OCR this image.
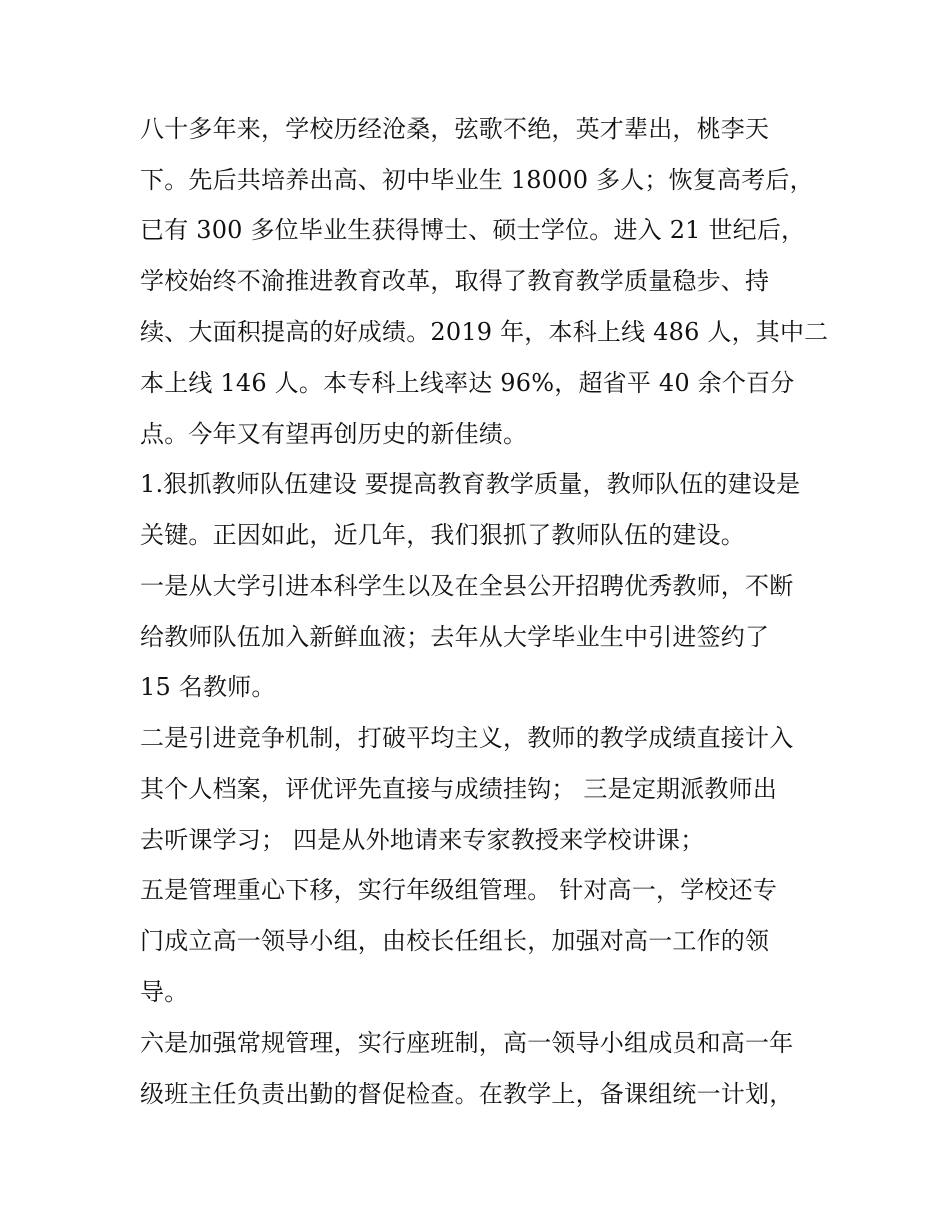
八十多年来，学校历经沧桑，弦歌不绝，英才辈出，桃李天

下。先后共培养出高、初中毕业生 18000 多人；恢复高考后，

已有 300 多位毕业生获得博士、硕士学位。进入 21 世纪后，

学校始终不渝推进教育改革，取得了教育教学质量稳步、持

续、大面积提高的好成绩。2019 年，本科上线 486 人，其中二

本上线 146 人。本专科上线率达 96%，超省平 40 余个百分

点。今年又有望再创历史的新佳绩。

1.狠抓教师队伍建设 要提高教育教学质量，教师队伍的建设是

关键。正因如此，近几年，我们狠抓了教师队伍的建设。

一是从大学引进本科学生以及在全县公开招聘优秀教师，不断

给教师队伍加入新鲜血液；去年从大学毕业生中引进签约了

15 名教师。

二是引进竞争机制，打破平均主义，教师的教学成绩直接计入

其个人档案，评优评先直接与成绩挂钩； 三是定期派教师出

去听课学习； 四是从外地请来专家教授来学校讲课；

五是管理重心下移，实行年级组管理。 针对高一，学校还专

门成立高一领导小组，由校长任组长，加强对高一工作的领

导。

六是加强常规管理，实行座班制，高一领导小组成员和高一年

级班主任负责出勤的督促检查。在教学上，备课组统一计划，
